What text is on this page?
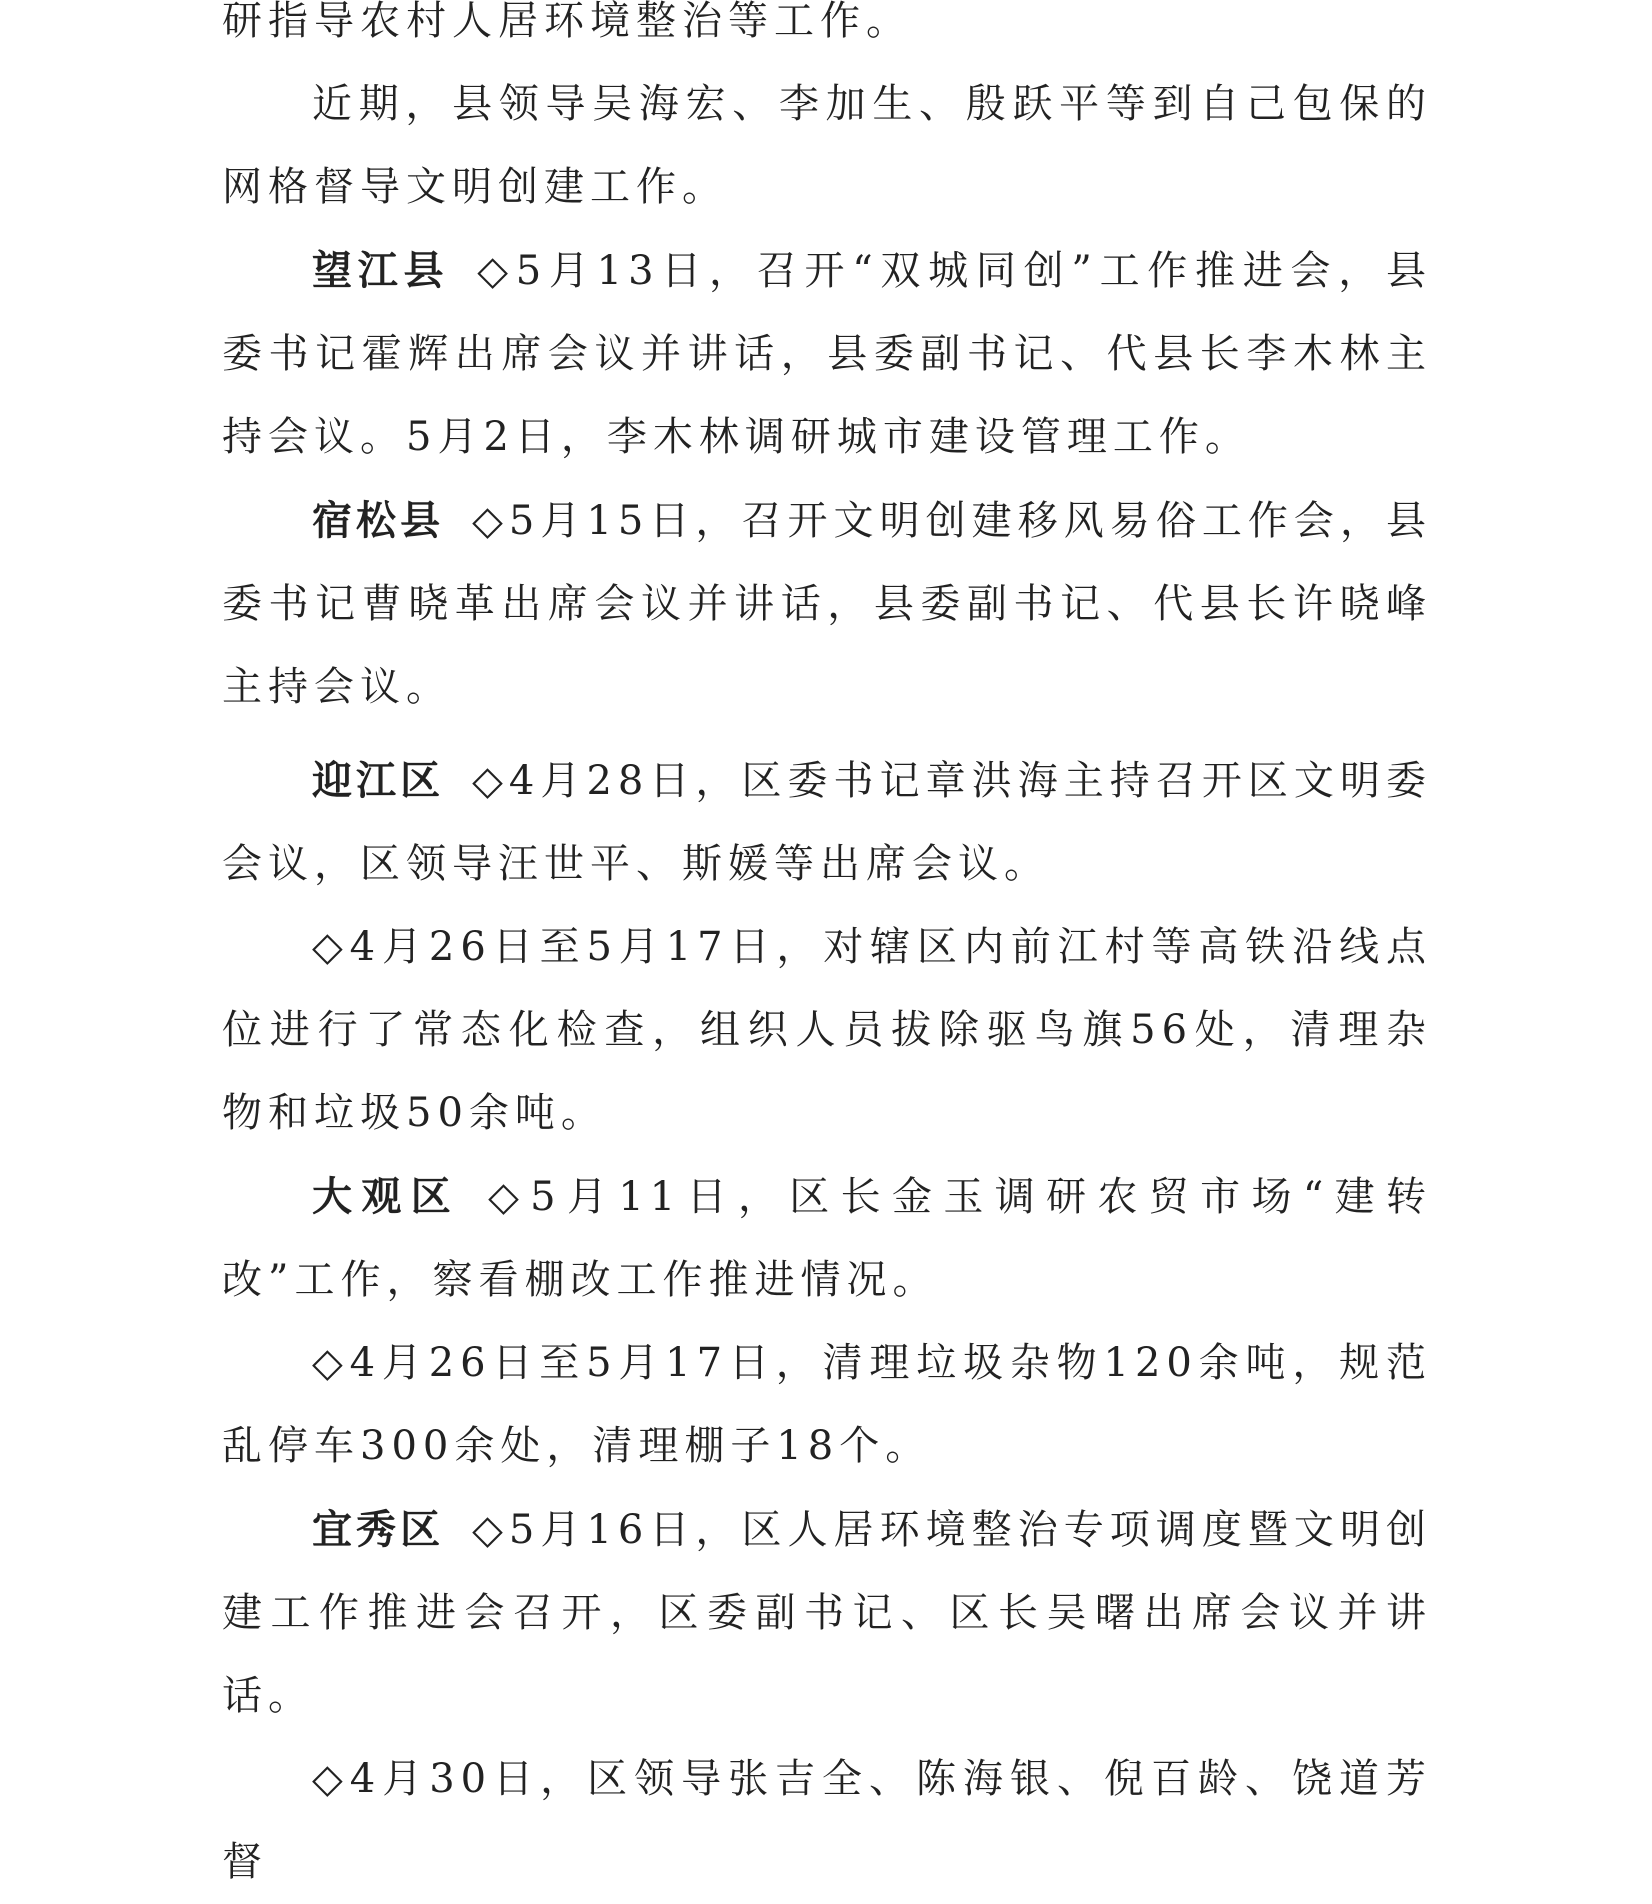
研指导农村人居环境整治等工作。

近期，县领导吴海宏、李加生、殷跃平等到自己包保的网格督导文明创建工作。

望江县 ◇5月13日，召开“双城同创”工作推进会，县委书记霍辉出席会议并讲话，县委副书记、代县长李木林主持会议。5月2日，李木林调研城市建设管理工作。

宿松县 ◇5月15日，召开文明创建移风易俗工作会，县委书记曹晓革出席会议并讲话，县委副书记、代县长许晓峰主持会议。

迎江区 ◇4月28日，区委书记章洪海主持召开区文明委会议，区领导汪世平、斯媛等出席会议。

◇4月26日至5月17日，对辖区内前江村等高铁沿线点位进行了常态化检查，组织人员拔除驱鸟旗56处，清理杂物和垃圾50余吨。

大观区 ◇5月11日，区长金玉调研农贸市场“建转改”工作，察看棚改工作推进情况。

◇4月26日至5月17日，清理垃圾杂物120余吨，规范乱停车300余处，清理棚子18个。

宜秀区 ◇5月16日，区人居环境整治专项调度暨文明创建工作推进会召开，区委副书记、区长吴曙出席会议并讲话。

◇4月30日，区领导张吉全、陈海银、倪百龄、饶道芳督
